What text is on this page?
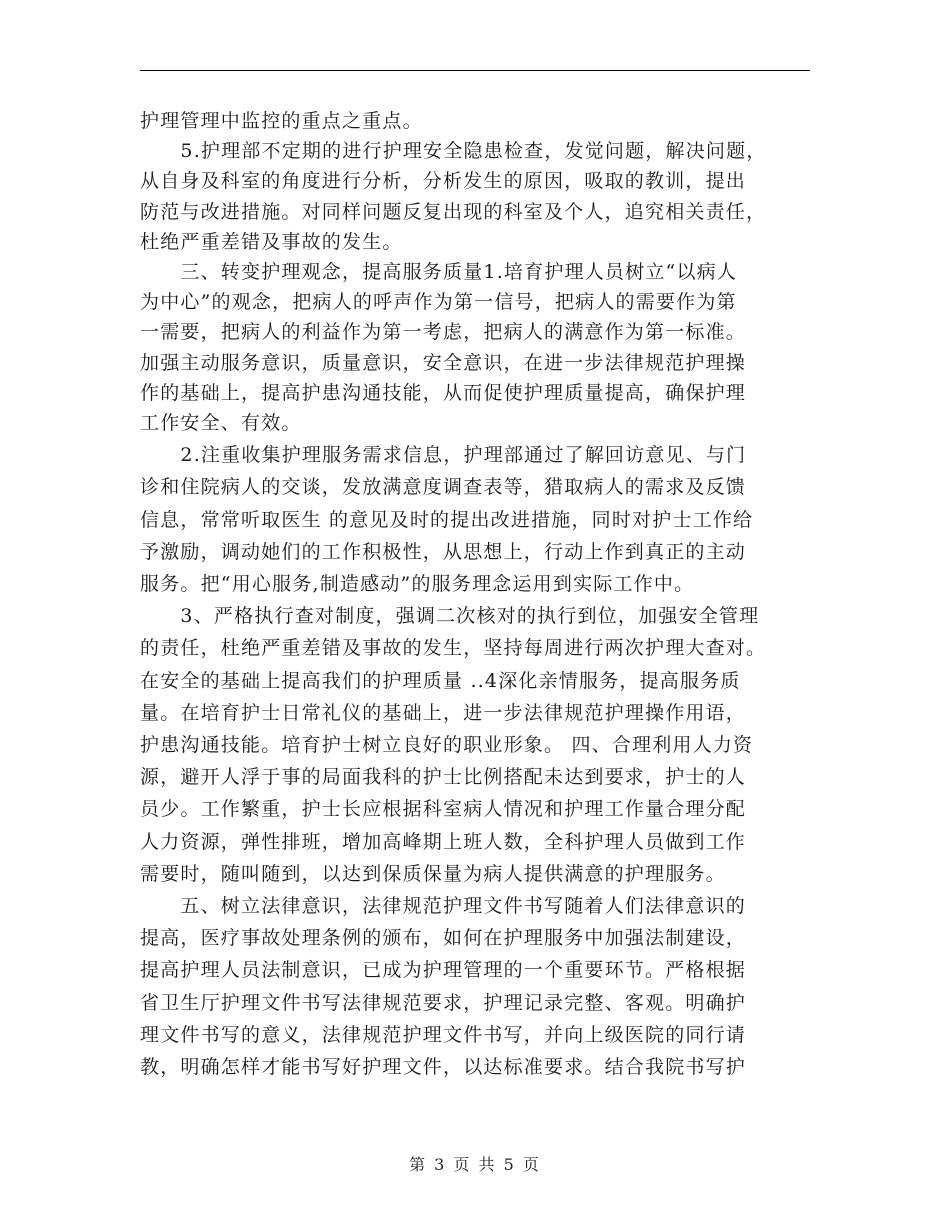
护理管理中监控的重点之重点。
　　5.护理部不定期的进行护理安全隐患检查，发觉问题，解决问题，
从自身及科室的角度进行分析，分析发生的原因，吸取的教训，提出
防范与改进措施。对同样问题反复出现的科室及个人，追究相关责任，
杜绝严重差错及事故的发生。
　　三、转变护理观念，提高服务质量1.培育护理人员树立“以病人
为中心”的观念，把病人的呼声作为第一信号，把病人的需要作为第
一需要，把病人的利益作为第一考虑，把病人的满意作为第一标准。
加强主动服务意识，质量意识，安全意识，在进一步法律规范护理操
作的基础上，提高护患沟通技能，从而促使护理质量提高，确保护理
工作安全、有效。
　　2.注重收集护理服务需求信息，护理部通过了解回访意见、与门
诊和住院病人的交谈，发放满意度调查表等，猎取病人的需求及反馈
信息，常常听取医生 的意见及时的提出改进措施，同时对护士工作给
予激励，调动她们的工作积极性，从思想上，行动上作到真正的主动
服务。把“用心服务,制造感动”的服务理念运用到实际工作中。
　　3、严格执行查对制度，强调二次核对的执行到位，加强安全管理
的责任，杜绝严重差错及事故的发生，坚持每周进行两次护理大查对。
在安全的基础上提高我们的护理质量 ..4深化亲情服务，提高服务质
量。在培育护士日常礼仪的基础上，进一步法律规范护理操作用语，
护患沟通技能。培育护士树立良好的职业形象。 四、合理利用人力资
源，避开人浮于事的局面我科的护士比例搭配未达到要求，护士的人
员少。工作繁重，护士长应根据科室病人情况和护理工作量合理分配
人力资源，弹性排班，增加高峰期上班人数，全科护理人员做到工作
需要时，随叫随到，以达到保质保量为病人提供满意的护理服务。
　　五、树立法律意识，法律规范护理文件书写随着人们法律意识的
提高，医疗事故处理条例的颁布，如何在护理服务中加强法制建设，
提高护理人员法制意识，已成为护理管理的一个重要环节。严格根据
省卫生厅护理文件书写法律规范要求，护理记录完整、客观。明确护
理文件书写的意义，法律规范护理文件书写，并向上级医院的同行请
教，明确怎样才能书写好护理文件，以达标准要求。结合我院书写护
第 3 页 共 5 页
